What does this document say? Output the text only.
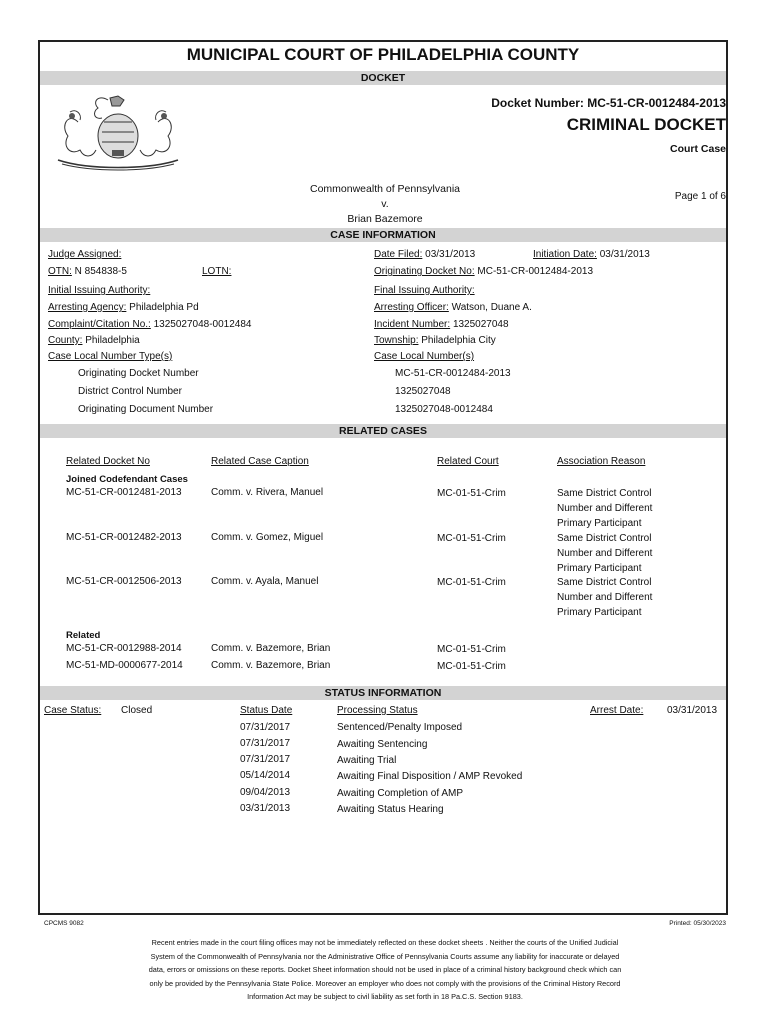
MUNICIPAL COURT OF PHILADELPHIA COUNTY
DOCKET
Docket Number: MC-51-CR-0012484-2013
CRIMINAL DOCKET
Court Case
Commonwealth of Pennsylvania
v.
Brian Bazemore
Page 1 of 6
CASE INFORMATION
Judge Assigned:
OTN: N 854838-5	LOTN:
Initial Issuing Authority:
Arresting Agency: Philadelphia Pd
Complaint/Citation No.: 1325027048-0012484
County: Philadelphia
Case Local Number Type(s)
Date Filed: 03/31/2013	Initiation Date: 03/31/2013
Originating Docket No: MC-51-CR-0012484-2013
Final Issuing Authority:
Arresting Officer: Watson, Duane A.
Incident Number: 1325027048
Township: Philadelphia City
Case Local Number(s)
Originating Docket Number	MC-51-CR-0012484-2013
District Control Number	1325027048
Originating Document Number	1325027048-0012484
RELATED CASES
Related Docket No	Related Case Caption	Related Court	Association Reason
Joined Codefendant Cases
MC-51-CR-0012481-2013	Comm. v. Rivera, Manuel	MC-01-51-Crim	Same District Control
Number and Different
Primary Participant
MC-51-CR-0012482-2013	Comm. v. Gomez, Miguel	MC-01-51-Crim	Same District Control
Number and Different
Primary Participant
MC-51-CR-0012506-2013	Comm. v. Ayala, Manuel	MC-01-51-Crim	Same District Control
Number and Different
Primary Participant
Related
MC-51-CR-0012988-2014	Comm. v. Bazemore, Brian	MC-01-51-Crim
MC-51-MD-0000677-2014	Comm. v. Bazemore, Brian	MC-01-51-Crim
STATUS INFORMATION
Case Status: Closed	Status Date	Processing Status	Arrest Date: 03/31/2013
07/31/2017	Sentenced/Penalty Imposed
07/31/2017	Awaiting Sentencing
07/31/2017	Awaiting Trial
05/14/2014	Awaiting Final Disposition / AMP Revoked
09/04/2013	Awaiting Completion of AMP
03/31/2013	Awaiting Status Hearing
CPCMS 9082	Printed: 05/30/2023
Recent entries made in the court filing offices may not be immediately reflected on these docket sheets . Neither the courts of the Unified Judicial
System of the Commonwealth of Pennsylvania nor the Administrative Office of Pennsylvania Courts assume any liability for inaccurate or delayed
data, errors or omissions on these reports. Docket Sheet information should not be used in place of a criminal history background check which can
only be provided by the Pennsylvania State Police. Moreover an employer who does not comply with the provisions of the Criminal History Record
Information Act may be subject to civil liability as set forth in 18 Pa.C.S. Section 9183.
